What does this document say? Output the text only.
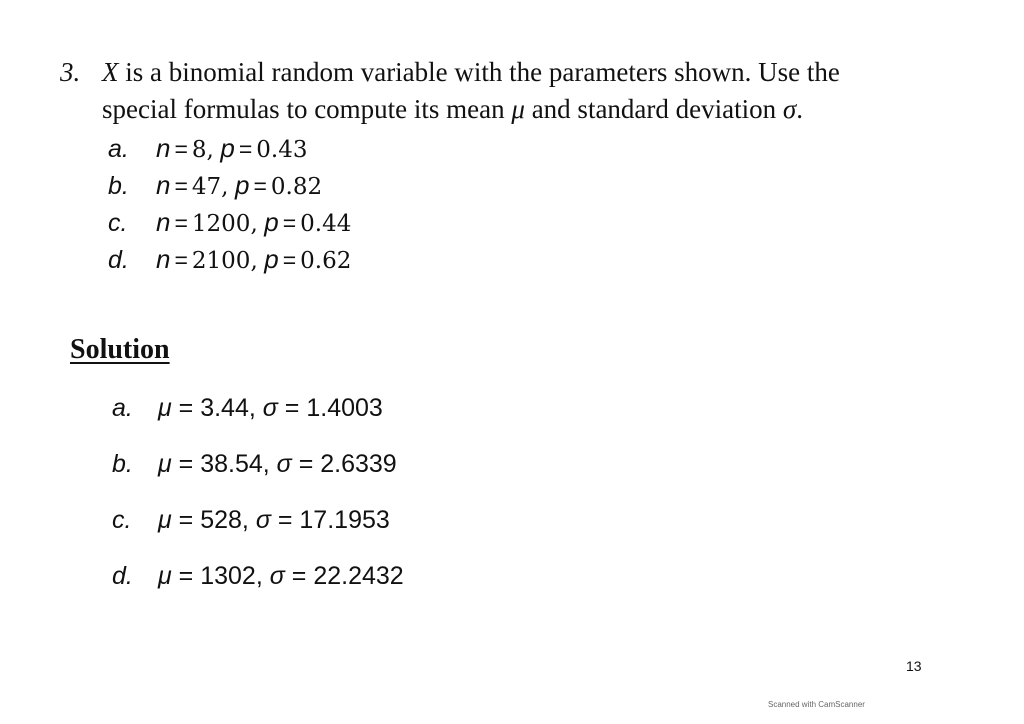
3. X is a binomial random variable with the parameters shown. Use the
special formulas to compute its mean μ and standard deviation σ.
a. n = 8, p = 0.43
b. n = 47, p = 0.82
c. n = 1200, p = 0.44
d. n = 2100, p = 0.62
Solution
a. μ = 3.44, σ = 1.4003
b. μ = 38.54, σ = 2.6339
c. μ = 528, σ = 17.1953
d. μ = 1302, σ = 22.2432
13
Scanned with CamScanner
